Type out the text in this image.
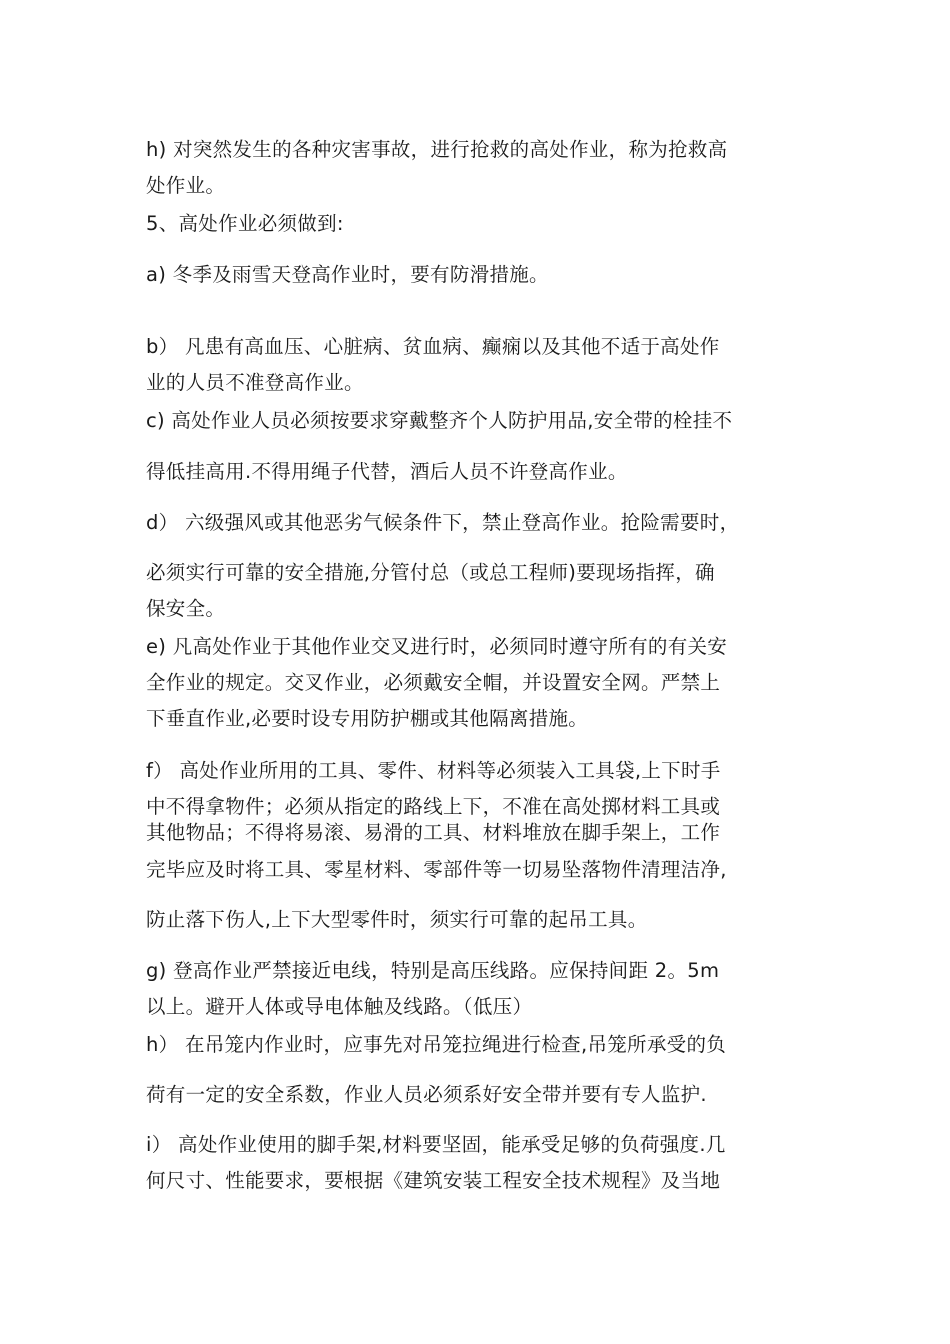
h) 对突然发生的各种灾害事故，进行抢救的高处作业，称为抢救高
处作业。
5、高处作业必须做到:
a) 冬季及雨雪天登高作业时，要有防滑措施。
b） 凡患有高血压、心脏病、贫血病、癫痫以及其他不适于高处作
业的人员不准登高作业。
c) 高处作业人员必须按要求穿戴整齐个人防护用品,安全带的栓挂不
得低挂高用.不得用绳子代替，酒后人员不许登高作业。
d） 六级强风或其他恶劣气候条件下，禁止登高作业。抢险需要时，
必须实行可靠的安全措施,分管付总（或总工程师)要现场指挥，确
保安全。
e) 凡高处作业于其他作业交叉进行时，必须同时遵守所有的有关安
全作业的规定。交叉作业，必须戴安全帽，并设置安全网。严禁上
下垂直作业,必要时设专用防护棚或其他隔离措施。
f） 高处作业所用的工具、零件、材料等必须装入工具袋,上下时手
中不得拿物件；必须从指定的路线上下，不准在高处掷材料工具或
其他物品；不得将易滚、易滑的工具、材料堆放在脚手架上，工作
完毕应及时将工具、零星材料、零部件等一切易坠落物件清理洁净,
防止落下伤人,上下大型零件时，须实行可靠的起吊工具。
g) 登高作业严禁接近电线，特别是高压线路。应保持间距 2。5m
以上。避开人体或导电体触及线路。（低压）
h） 在吊笼内作业时，应事先对吊笼拉绳进行检查,吊笼所承受的负
荷有一定的安全系数，作业人员必须系好安全带并要有专人监护.
i） 高处作业使用的脚手架,材料要坚固，能承受足够的负荷强度.几
何尺寸、性能要求，要根据《建筑安装工程安全技术规程》及当地
